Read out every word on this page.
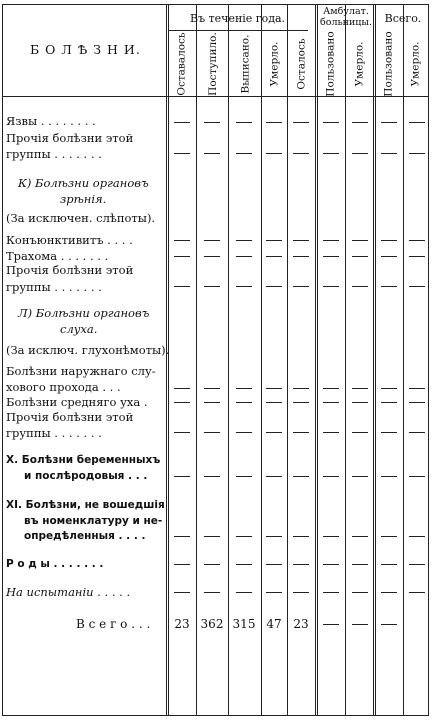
Б О Л Ѣ З Н И.
Въ теченіе года.
Амбулат.
больницы.	Всего.
Оставалось Поступило. Выписано. Умерло. Осталось Пользовано Умерло. Пользовано Умерло.
Язвы . . . . . . . .
Прочія болѣзни этой
группы . . . . . . .
К) Болѣзни органовъ
зрѣнія.
(За исключен. слѣпоты).
Конъюнктивитъ . . . .
Трахома . . . . . . .
Прочія болѣзни этой
группы . . . . . . .
Л) Болѣзни органовъ
слуха.
(За исключ. глухонѣмоты).
Болѣзни наружнаго слу-
хового прохода . . .
Болѣзни средняго уха .
Прочія болѣзни этой
группы . . . . . . .
X. Болѣзни беременныхъ
и послѣродовыя . . .
XI. Болѣзни, не вошедшія
въ номенклатуру и не-
опредѣленныя . . . .
Р о д ы . . . . . . .
На испытаніи . . . . .
В с е г о . . .	23 362 315 47 23
